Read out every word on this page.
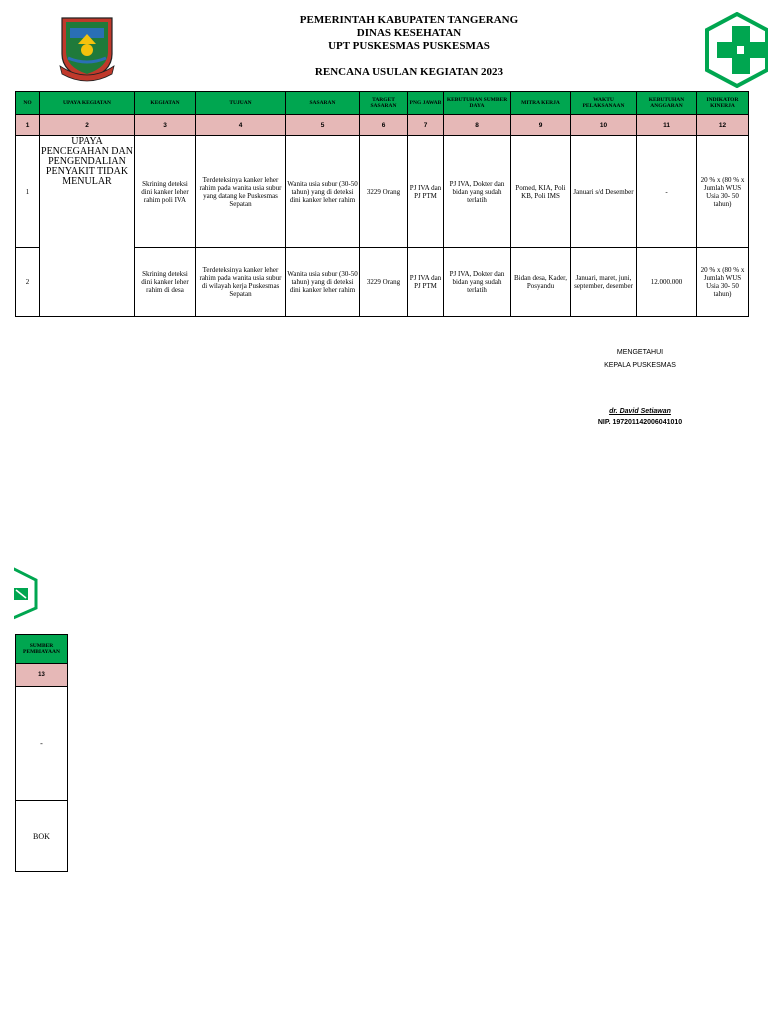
PEMERINTAH KABUPATEN TANGERANG
DINAS KESEHATAN
UPT PUSKESMAS PUSKESMAS
RENCANA USULAN KEGIATAN 2023
NO	UPAYA KEGIATAN	KEGIATAN	TUJUAN	SASARAN	TARGET SASARAN	PNG JAWAB	KEBUTUHAN SUMBER DAYA	MITRA KERJA	WAKTU PELAKSANAAN	KEBUTUHAN ANGGARAN	INDIKATOR KINERJA
1	2	3	4	5	6	7	8	9	10	11	12
1	UPAYA PENCEGAHAN DAN PENGENDALIAN PENYAKIT TIDAK MENULAR	Skrining deteksi dini kanker leher rahim poli IVA	Terdeteksinya kanker leher rahim pada wanita usia subur yang datang ke Puskesmas Sepatan	Wanita usia subur (30-50 tahun) yang di deteksi dini kanker leher rahim	3229 Orang	PJ IVA dan PJ PTM	PJ IVA, Dokter dan bidan yang sudah terlatih	Pomed, KIA, Poli KB, Poli IMS	Januari s/d Desember	-	20 % x (80 % x Jumlah WUS Usia 30- 50 tahun)
2		Skrining deteksi dini kanker leher rahim di desa	Terdeteksinya kanker leher rahim pada wanita usia subur di wilayah kerja Puskesmas Sepatan	Wanita usia subur (30-50 tahun) yang di deteksi dini kanker leher rahim	3229 Orang	PJ IVA dan PJ PTM	PJ IVA, Dokter dan bidan yang sudah terlatih	Bidan desa, Kader, Posyandu	Januari, maret, juni, september, desember	12.000.000	20 % x (80 % x Jumlah WUS Usia 30- 50 tahun)
MENGETAHUI
KEPALA PUSKESMAS
dr. David Setiawan
NIP. 197201142006041010
SUMBER PEMBIAYAAN
13
-
BOK
